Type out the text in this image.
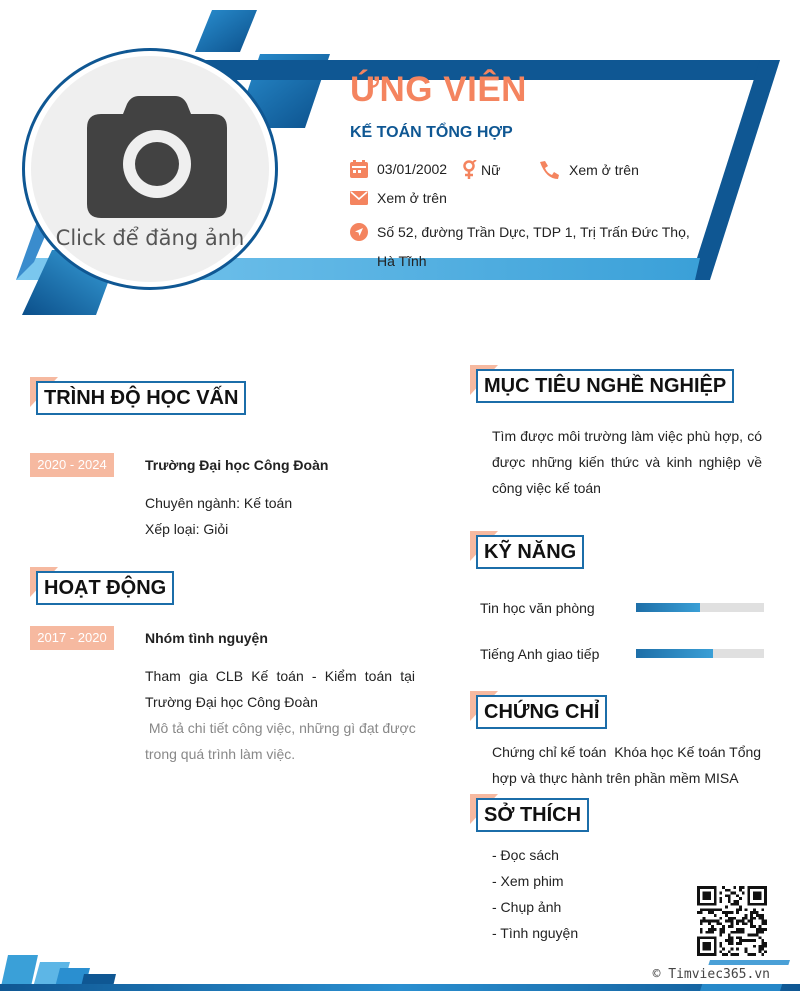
Click để đăng ảnh
ỨNG VIÊN
KẾ TOÁN TỔNG HỢP
03/01/2002 Nữ	Xem ở trên
Xem ở trên
Số 52, đường Trần Dực, TDP 1, Trị Trấn Đức Thọ,
Hà Tĩnh
TRÌNH ĐỘ HỌC VẤN
2020 - 2024	Trường Đại học Công Đoàn
Chuyên ngành: Kế toán
Xếp loại: Giỏi
HOẠT ĐỘNG
2017 - 2020	Nhóm tình nguyện
Tham gia CLB Kế toán - Kiểm toán tại
Trường Đại học Công Đoàn
Mô tả chi tiết công việc, những gì đạt được
trong quá trình làm việc.
MỤC TIÊU NGHỀ NGHIỆP
Tìm được môi trường làm việc phù hợp, có
được những kiến thức và kinh nghiệp về
công việc kế toán
KỸ NĂNG
Tin học văn phòng
Tiếng Anh giao tiếp
CHỨNG CHỈ
Chứng chỉ kế toán  Khóa học Kế toán Tổng
hợp và thực hành trên phần mềm MISA
SỞ THÍCH
- Đọc sách
- Xem phim
- Chụp ảnh
- Tình nguyện
© Timviec365.vn
